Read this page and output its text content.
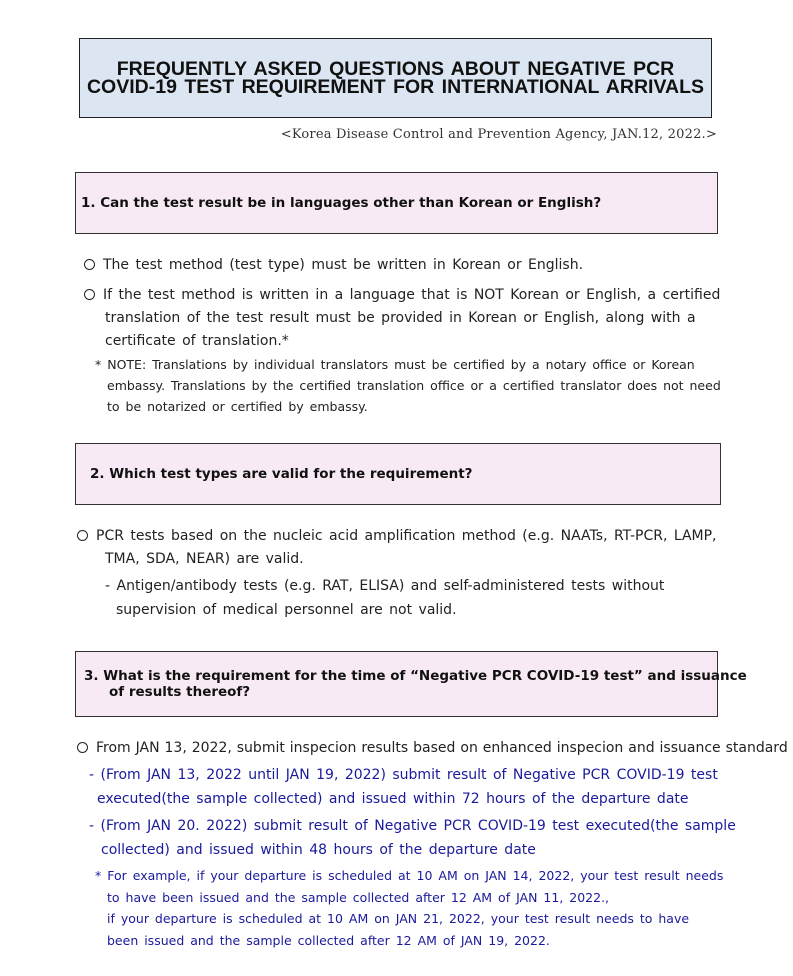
FREQUENTLY ASKED QUESTIONS ABOUT NEGATIVE PCR
COVID-19 TEST REQUIREMENT FOR INTERNATIONAL ARRIVALS
<Korea Disease Control and Prevention Agency, JAN.12, 2022.>
1. Can the test result be in languages other than Korean or English?
The test method (test type) must be written in Korean or English.
If the test method is written in a language that is NOT Korean or English, a certified
translation of the test result must be provided in Korean or English, along with a
certificate of translation.*
* NOTE: Translations by individual translators must be certified by a notary office or Korean
embassy. Translations by the certified translation office or a certified translator does not need
to be notarized or certified by embassy.
2. Which test types are valid for the requirement?
PCR tests based on the nucleic acid amplification method (e.g. NAATs, RT-PCR, LAMP,
TMA, SDA, NEAR) are valid.
- Antigen/antibody tests (e.g. RAT, ELISA) and self-administered tests without
supervision of medical personnel are not valid.
3. What is the requirement for the time of “Negative PCR COVID-19 test” and issuance
of results thereof?
From JAN 13, 2022, submit inspecion results based on enhanced inspecion and issuance standard
- (From JAN 13, 2022 until JAN 19, 2022) submit result of Negative PCR COVID-19 test
executed(the sample collected) and issued within 72 hours of the departure date
- (From JAN 20. 2022) submit result of Negative PCR COVID-19 test executed(the sample
collected) and issued within 48 hours of the departure date
* For example, if your departure is scheduled at 10 AM on JAN 14, 2022, your test result needs
to have been issued and the sample collected after 12 AM of JAN 11, 2022.,
if your departure is scheduled at 10 AM on JAN 21, 2022, your test result needs to have
been issued and the sample collected after 12 AM of JAN 19, 2022.
